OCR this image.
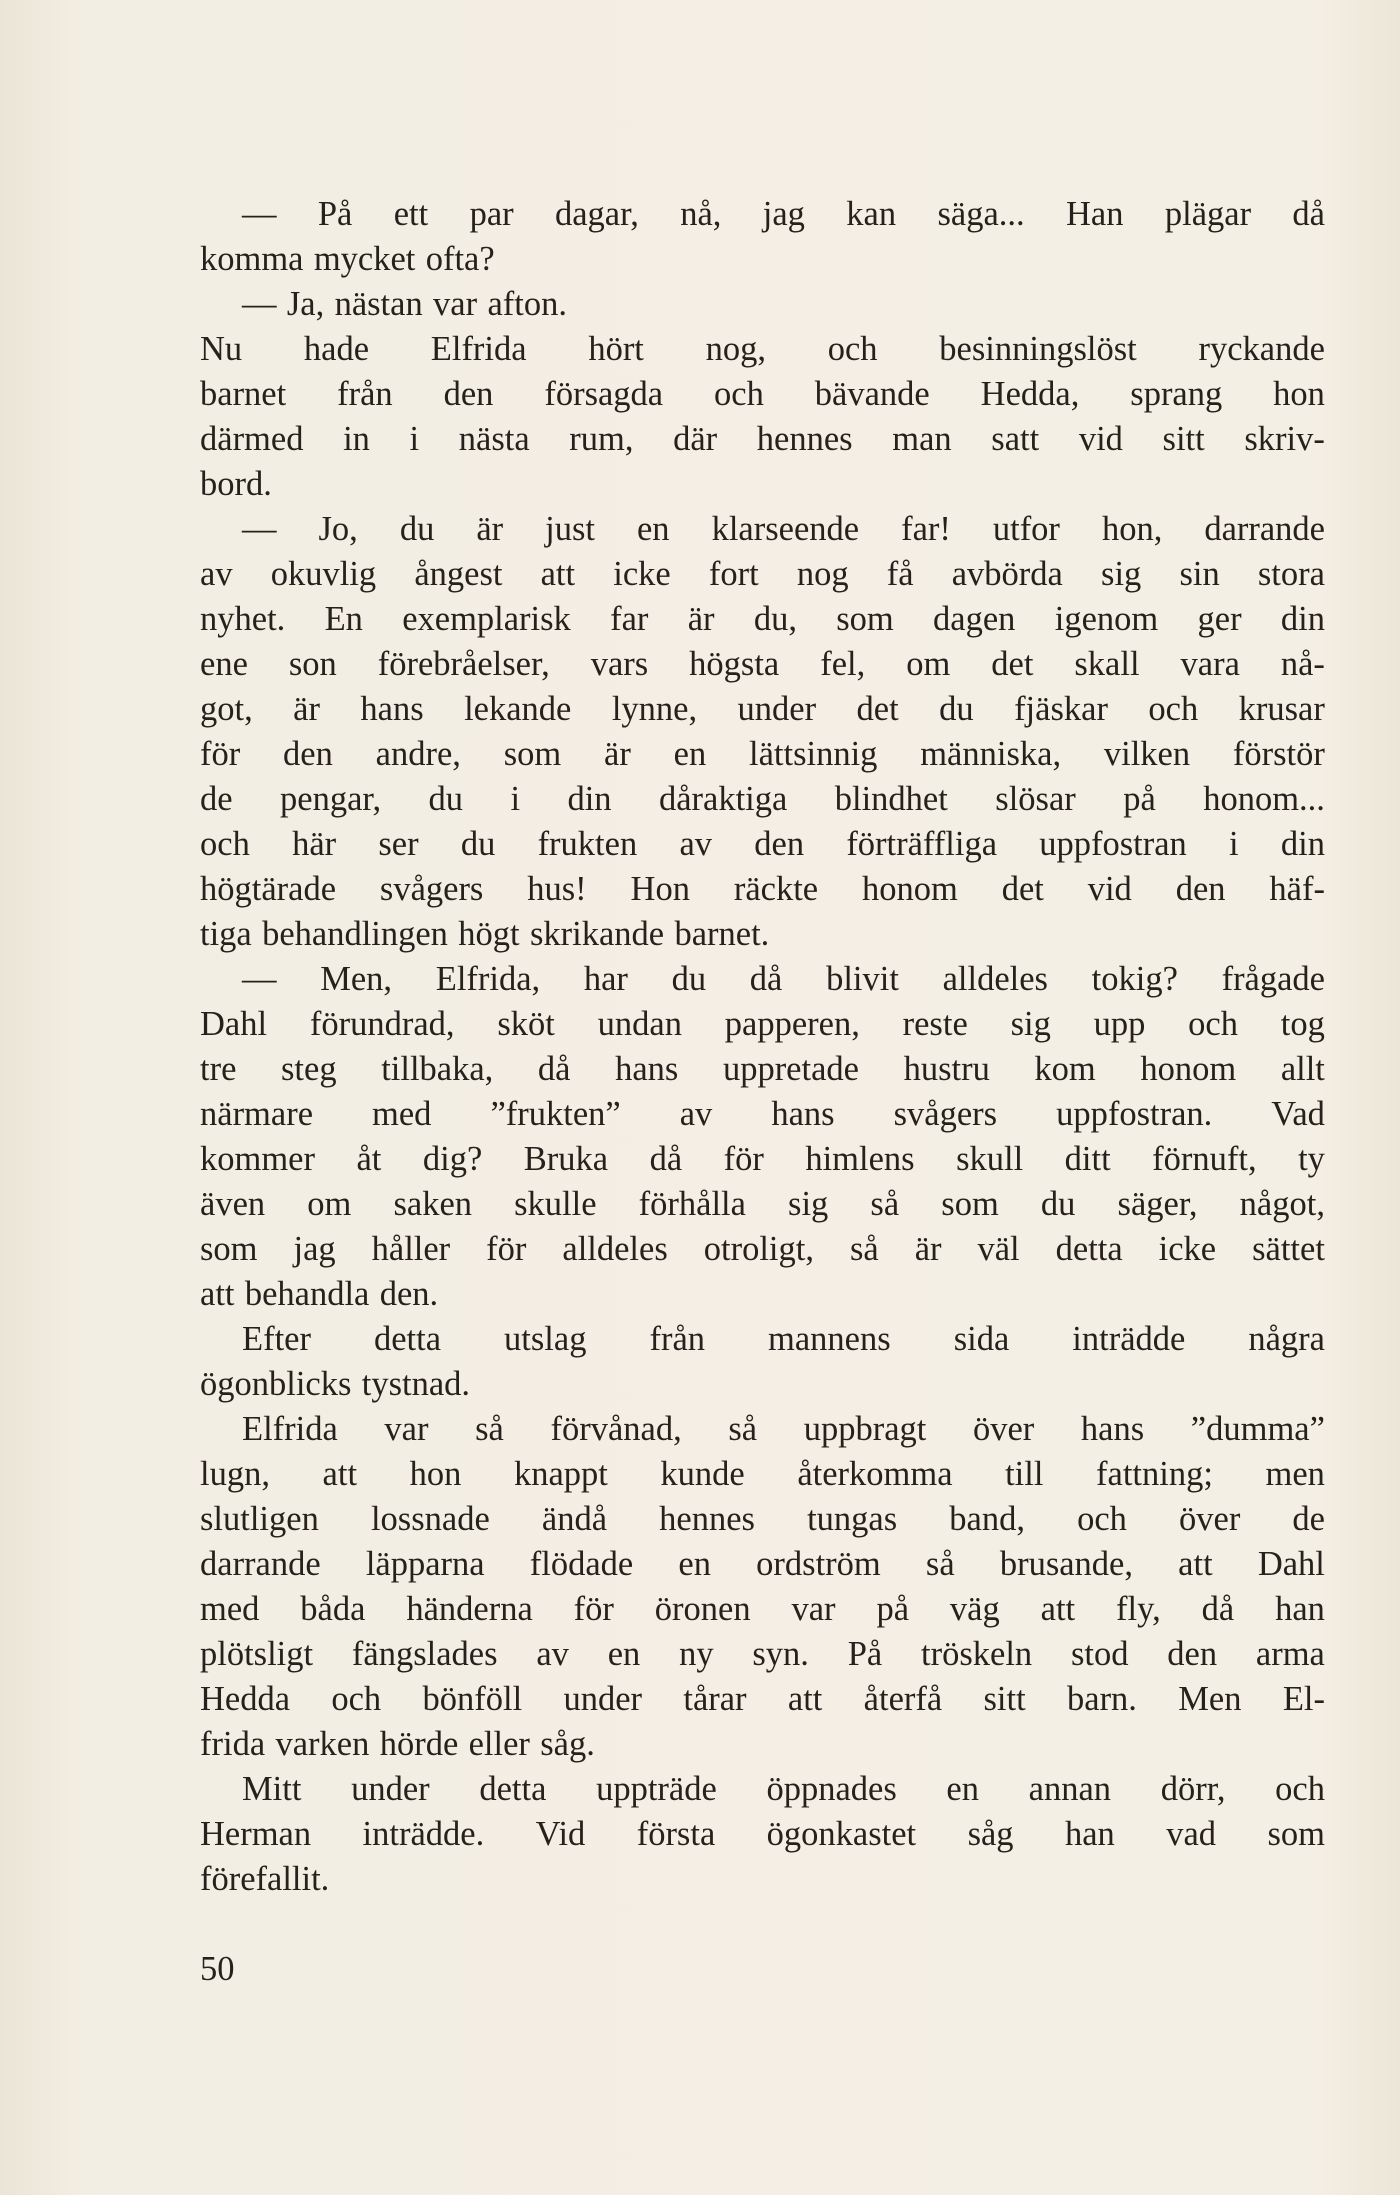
— På ett par dagar, nå, jag kan säga... Han plägar då
komma mycket ofta?
— Ja, nästan var afton.
Nu hade Elfrida hört nog, och besinningslöst ryckande
barnet från den försagda och bävande Hedda, sprang hon
därmed in i nästa rum, där hennes man satt vid sitt skriv-
bord.
— Jo, du är just en klarseende far! utfor hon, darrande
av okuvlig ångest att icke fort nog få avbörda sig sin stora
nyhet. En exemplarisk far är du, som dagen igenom ger din
ene son förebråelser, vars högsta fel, om det skall vara nå-
got, är hans lekande lynne, under det du fjäskar och krusar
för den andre, som är en lättsinnig människa, vilken förstör
de pengar, du i din dåraktiga blindhet slösar på honom...
och här ser du frukten av den förträffliga uppfostran i din
högtärade svågers hus! Hon räckte honom det vid den häf-
tiga behandlingen högt skrikande barnet.
— Men, Elfrida, har du då blivit alldeles tokig? frågade
Dahl förundrad, sköt undan papperen, reste sig upp och tog
tre steg tillbaka, då hans uppretade hustru kom honom allt
närmare med ”frukten” av hans svågers uppfostran. Vad
kommer åt dig? Bruka då för himlens skull ditt förnuft, ty
även om saken skulle förhålla sig så som du säger, något,
som jag håller för alldeles otroligt, så är väl detta icke sättet
att behandla den.
Efter detta utslag från mannens sida inträdde några
ögonblicks tystnad.
Elfrida var så förvånad, så uppbragt över hans ”dumma”
lugn, att hon knappt kunde återkomma till fattning; men
slutligen lossnade ändå hennes tungas band, och över de
darrande läpparna flödade en ordström så brusande, att Dahl
med båda händerna för öronen var på väg att fly, då han
plötsligt fängslades av en ny syn. På tröskeln stod den arma
Hedda och bönföll under tårar att återfå sitt barn. Men El-
frida varken hörde eller såg.
Mitt under detta uppträde öppnades en annan dörr, och
Herman inträdde. Vid första ögonkastet såg han vad som
förefallit.
50
